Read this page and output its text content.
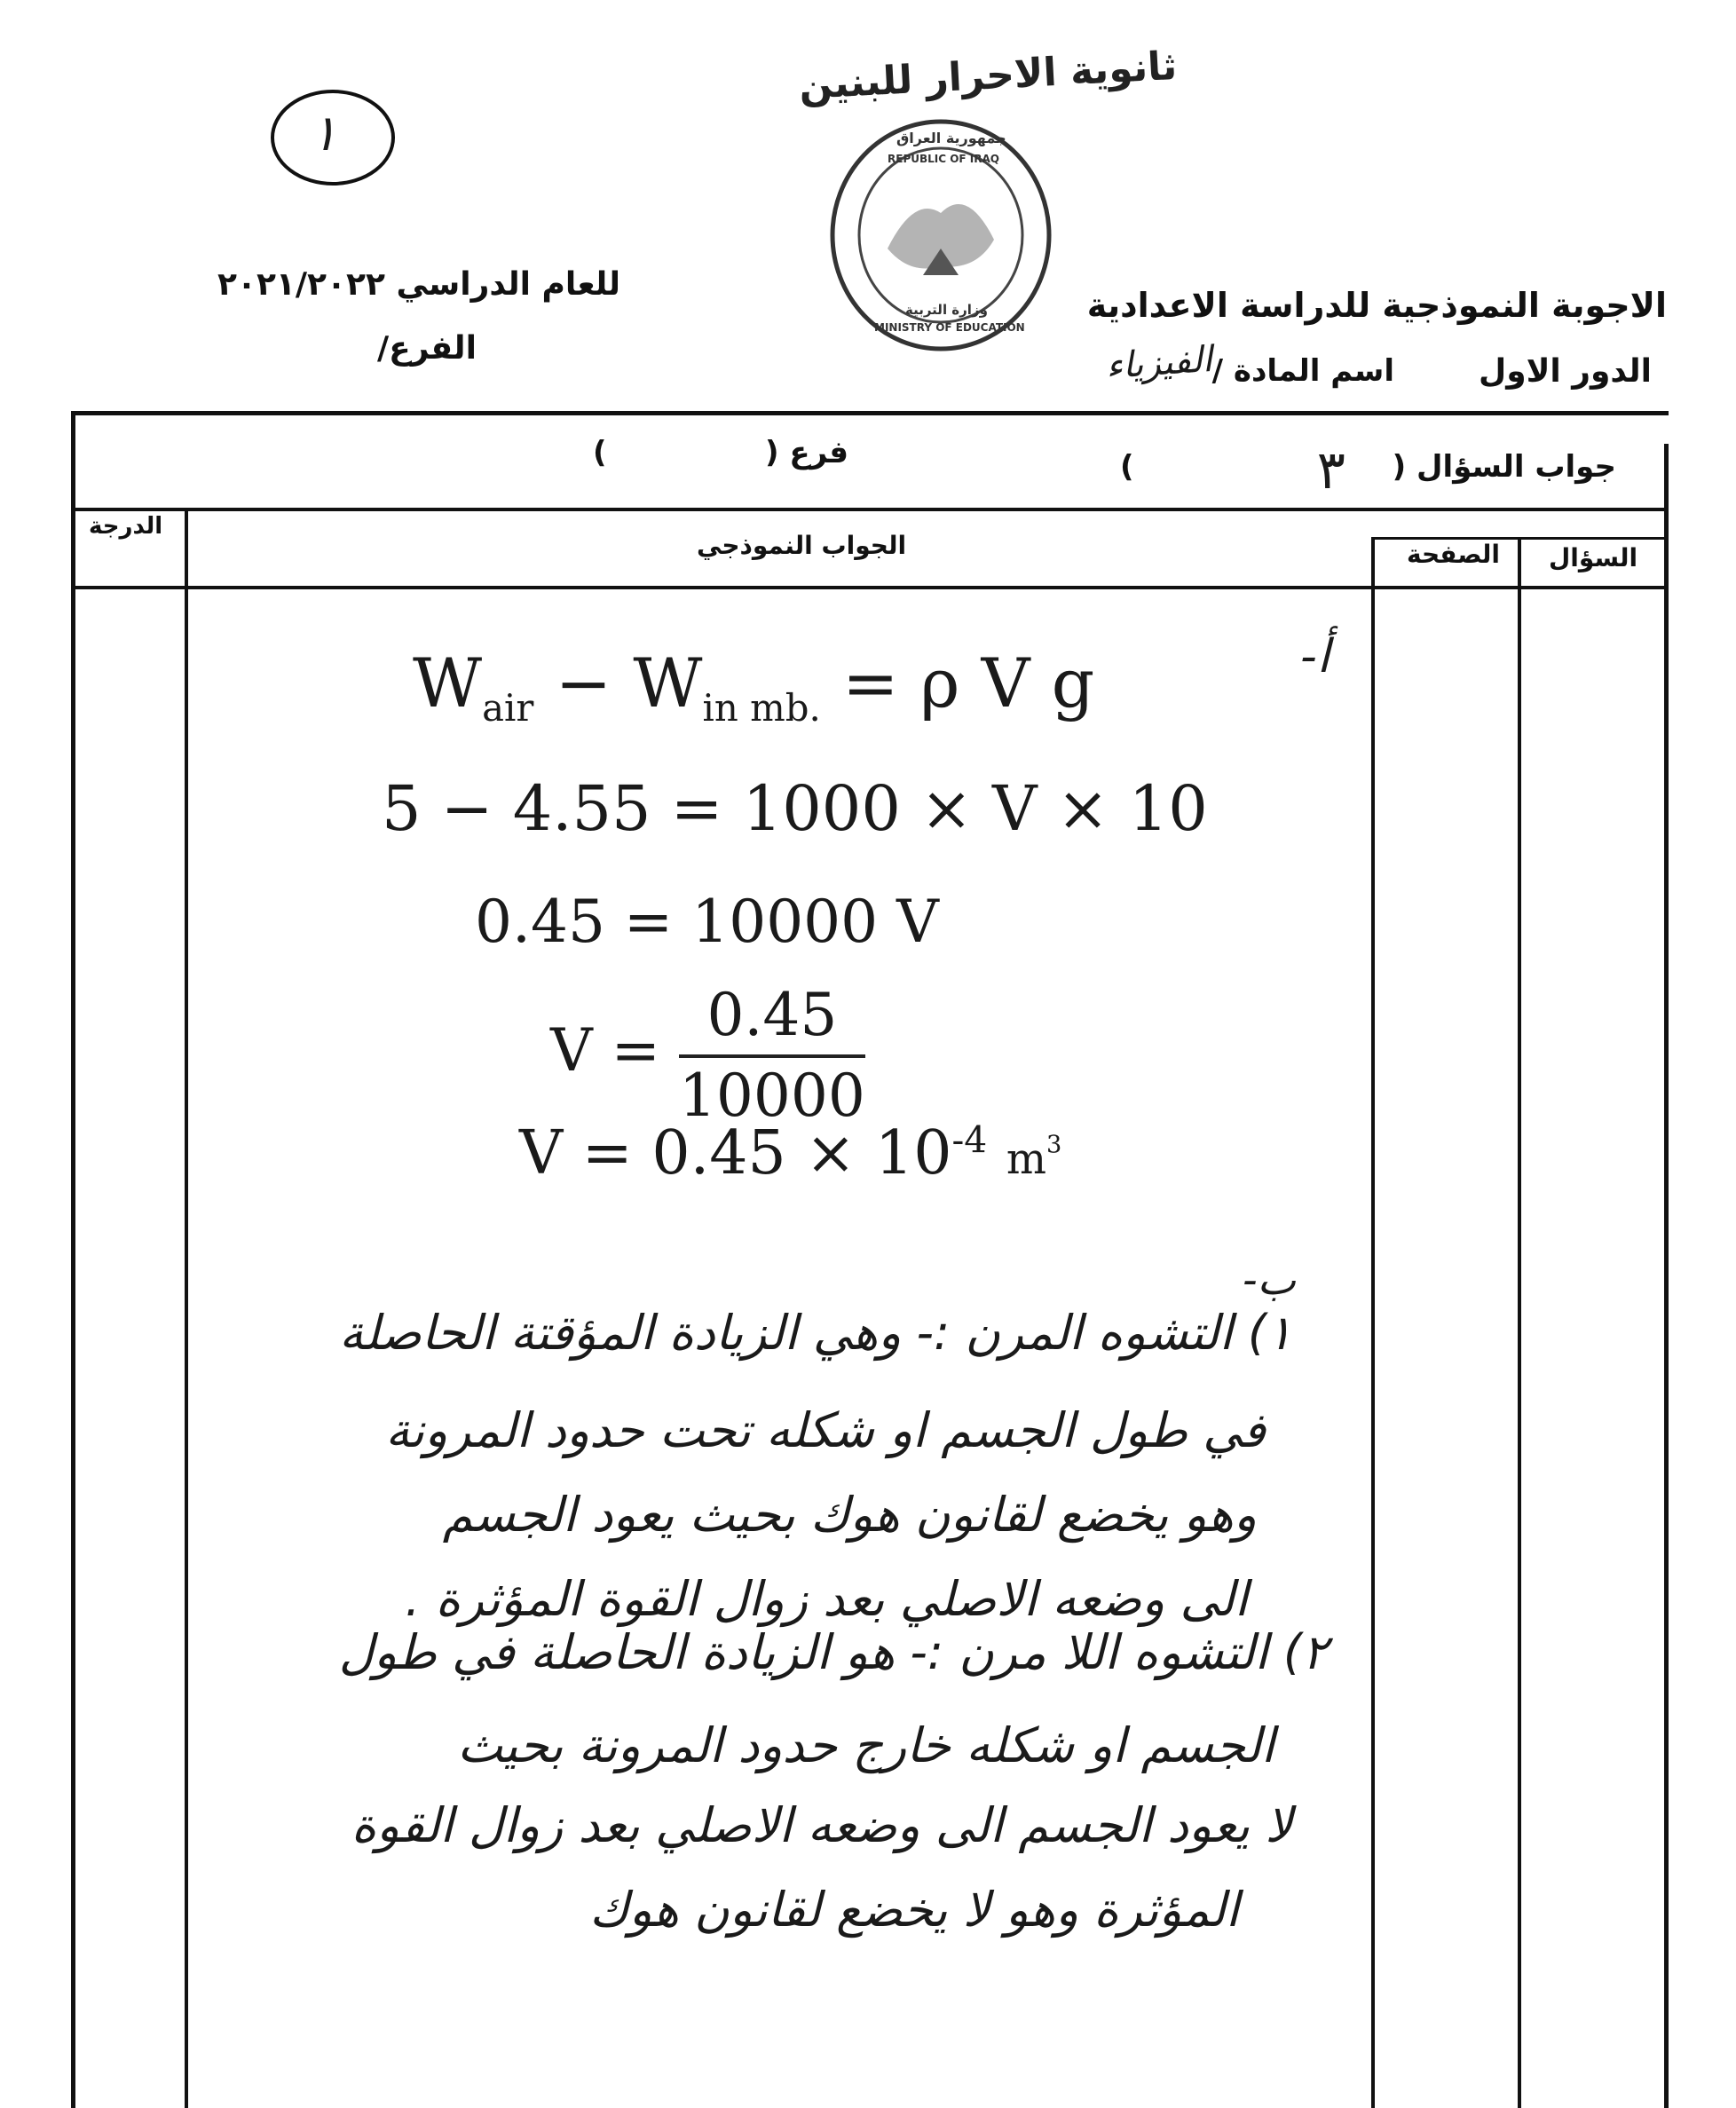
ثانوية الاحرار للبنين
١	جمهورية العراق
REPUBLIC OF IRAQ
وزارة التربية
MINISTRY OF EDUCATION
الاجوبة النموذجية للدراسة الاعدادية
الدور الاول
اسم المادة /
الفيزياء
للعام الدراسي ٢٠٢١/٢٠٢٢
الفرع/
جواب السؤال (
٣
)
فرع (
)
السؤال
الصفحة
الجواب النموذجي
الدرجة
أ-
$W_{air} - W_{in mb.} = \rho$ V g
5 − 4.55 = 1000 × V × 10
0.45 = 10000 V
$V = \frac{0.45}{10000}$
$V = 0.45 \times 10^{-4}$ $m^3$
ب-
١) التشوه المرن :- وهي الزيادة المؤقتة الحاصلة
في طول الجسم او شكله تحت حدود المرونة
وهو يخضع لقانون هوك بحيث يعود الجسم
الى وضعه الاصلي بعد زوال القوة المؤثرة .
٢) التشوه اللا مرن :- هو الزيادة الحاصلة في طول
الجسم او شكله خارج حدود المرونة بحيث
لا يعود الجسم الى وضعه الاصلي بعد زوال القوة
المؤثرة وهو لا يخضع لقانون هوك
